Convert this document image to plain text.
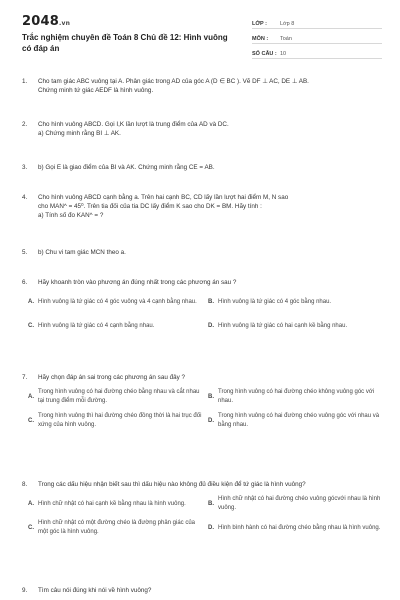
2048.vn
Trắc nghiệm chuyên đề Toán 8 Chủ đề 12: Hình vuông có đáp án
LỚP :	Lớp 8
MÔN :	Toán
SỐ CÂU : 10
1.	Cho tam giác ABC vuông tại A. Phân giác trong AD của góc A (D ∈ BC ). Vẽ DF ⊥ AC, DE ⊥ AB.
Chứng minh tứ giác AEDF là hình vuông.
2.	Cho hình vuông ABCD. Gọi I,K lần lượt là trung điểm của AD và DC.
a) Chứng minh rằng BI ⊥ AK.
3.	b) Gọi E là giao điểm của BI và AK. Chứng minh rằng CE = AB.
4.	Cho hình vuông ABCD cạnh bằng a. Trên hai cạnh BC, CD lấy lần lượt hai điểm M, N sao
cho MAN^ = 45⁰. Trên tia đối của tia DC lấy điểm K sao cho DK = BM. Hãy tính :
a) Tính số đo KAN^ = ?
5.	b) Chu vi tam giác MCN theo a.
6.	Hãy khoanh tròn vào phương án đúng nhất trong các phương án sau ?
A. Hình vuông là tứ giác có 4 góc vuông và 4 cạnh bằng nhau.	B. Hình vuông là tứ giác có 4 góc bằng nhau.
C. Hình vuông là tứ giác có 4 cạnh bằng nhau.	D. Hình vuông là tứ giác có hai cạnh kề bằng nhau.
7.	Hãy chọn đáp án sai trong các phương án sau đây ?
A.
Trong hình vuông có hai đường chéo bằng nhau và cắt nhau tại trung điểm mỗi đường.
B.
Trong hình vuông có hai đường chéo không vuông góc với nhau.
C.
Trong hình vuông thì hai đường chéo đồng thời là hai trục đối xứng của hình vuông.
D.
Trong hình vuông có hai đường chéo vuông góc với nhau và bằng nhau.
8.	Trong các dấu hiệu nhận biết sau thì dấu hiệu nào không đủ điều kiện để tứ giác là hình vuông?
A. Hình chữ nhật có hai cạnh kề bằng nhau là hình vuông.	B.
Hình chữ nhật có hai đường chéo vuông gócvới nhau là hình vuông.
C.
Hình chữ nhật có một đường chéo là đường phân giác của một góc là hình vuông.
D. Hình bình hành có hai đường chéo bằng nhau là hình vuông.
9.	Tìm câu nói đúng khi nói về hình vuông?
